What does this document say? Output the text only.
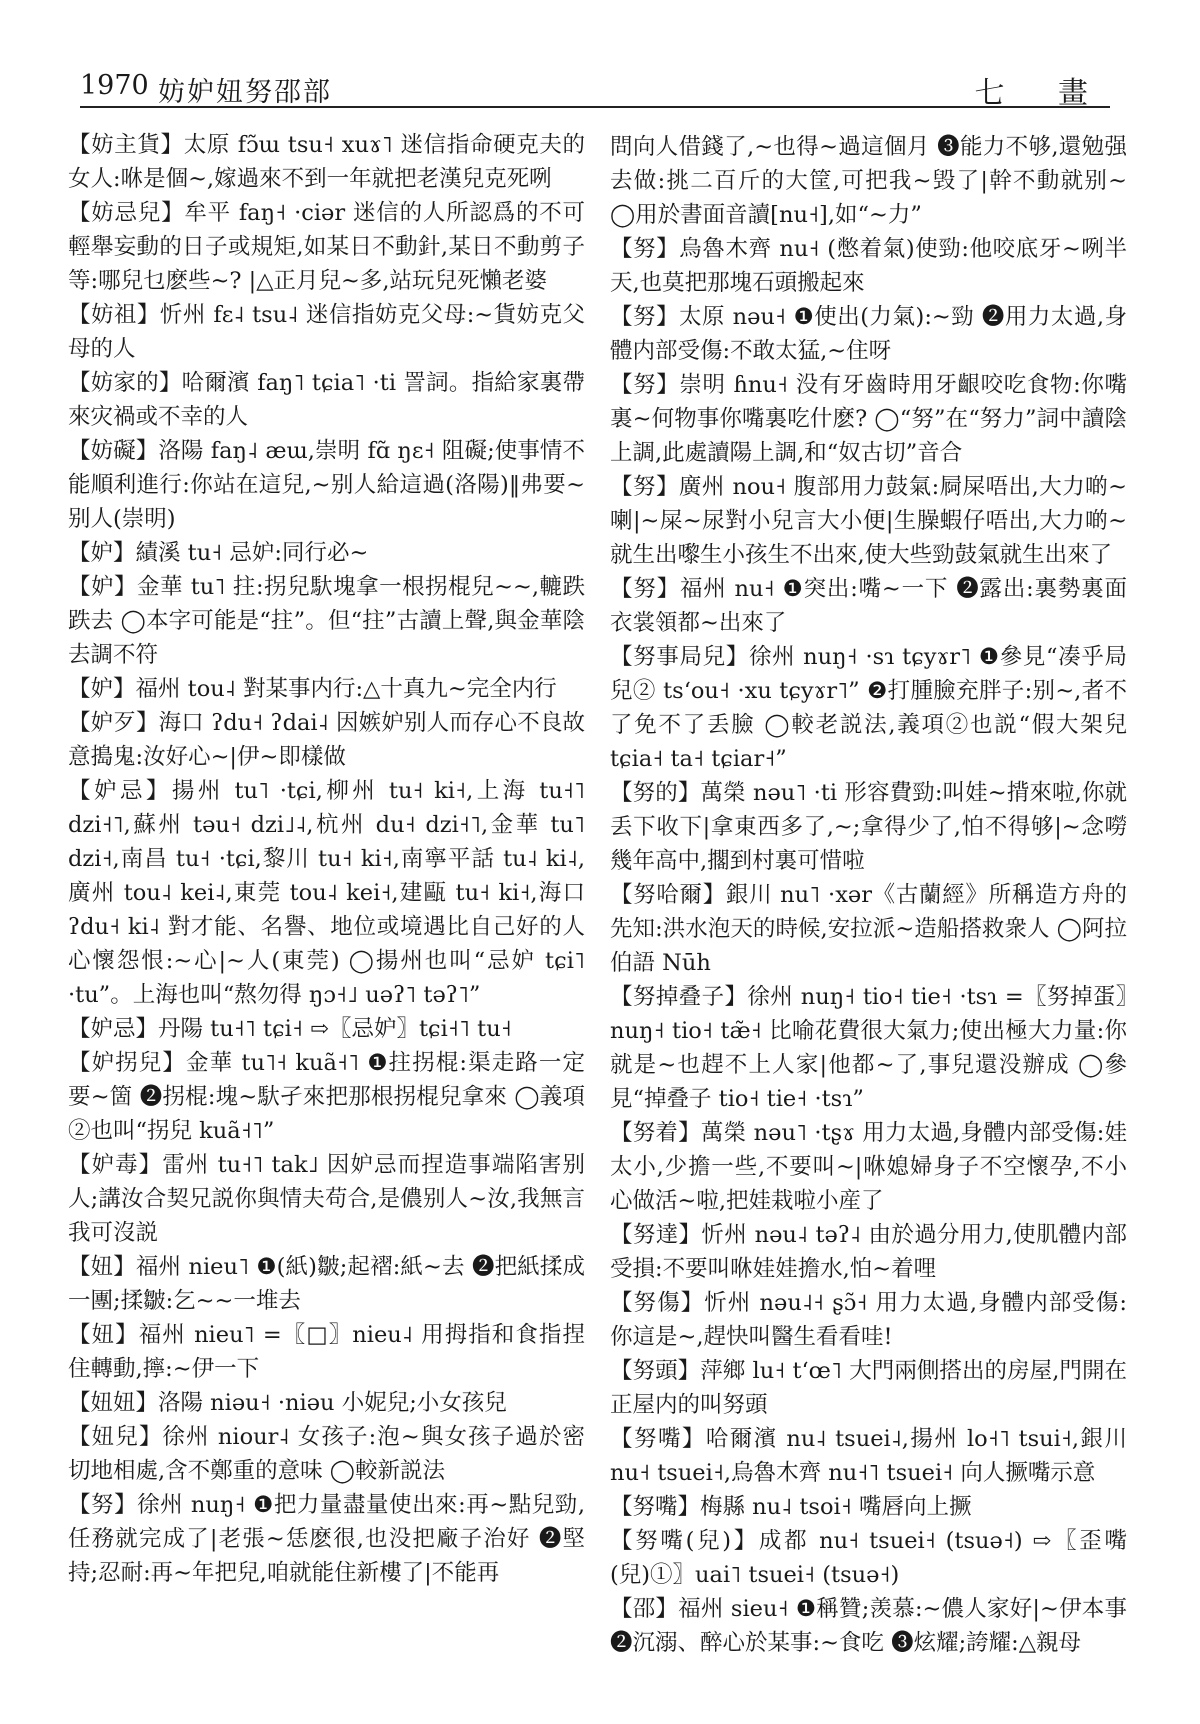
1970 妨妒妞努邵部	七 畫

【妨主貨】太原 fɔ̃ɯ tsu˧ xuɤ˥ 迷信指命硬克夫的女人:咻是個~,嫁過來不到一年就把老漢兒克死咧

【妨忌兒】牟平 faŋ˧ ·ciər 迷信的人所認爲的不可輕舉妄動的日子或規矩,如某日不動針,某日不動剪子等:哪兒乜麽些~? |△正月兒~多,站玩兒死懶老婆

【妨祖】忻州 fɛ˨ tsu˨ 迷信指妨克父母:~貨妨克父母的人

【妨家的】哈爾濱 faŋ˥ tɕia˥ ·ti 詈詞。指給家裏帶來灾禍或不幸的人

【妨礙】洛陽 faŋ˨ æɯ,崇明 fɑ̃ ŋɛ˧ 阻礙;使事情不能順利進行:你站在這兒,~别人給這過(洛陽)‖弗要~别人(崇明)

【妒】績溪 tu˧ 忌妒:同行必~

【妒】金華 tu˥ 拄:拐兒馱塊拿一根拐棍兒~~,轆跌跌去 ◯本字可能是“拄”。但“拄”古讀上聲,與金華陰去調不符

【妒】福州 tou˨ 對某事内行:△十真九~完全内行

【妒歹】海口 ʔdu˧ ʔdai˨ 因嫉妒别人而存心不良故意搗鬼:汝好心~|伊~即樣做

【妒忌】揚州 tu˥ ·tɕi,柳州 tu˧ ki˧,上海 tu˧˥ dzi˧˥,蘇州 təu˧ dzi˩˨,杭州 du˧ dzi˧˥,金華 tu˥ dzi˧,南昌 tu˧ ·tɕi,黎川 tu˧ ki˧,南寧平話 tu˨ ki˨,廣州 tou˨ kei˨,東莞 tou˨ kei˧,建甌 tu˧ ki˧,海口 ʔdu˧ ki˨ 對才能、名譽、地位或境遇比自己好的人心懷怨恨:~心|~人(東莞) ◯揚州也叫“忌妒 tɕi˥ ·tu”。上海也叫“熬勿得 ŋɔ˧˩ uəʔ˥ təʔ˥”

【妒忌】丹陽 tu˧˥ tɕi˧ ⇨〖忌妒〗tɕi˧˥ tu˧

【妒拐兒】金華 tu˥˧ kuã˧˥ ❶拄拐棍:渠走路一定要~箇 ❷拐棍:塊~馱孑來把那根拐棍兒拿來 ◯義項②也叫“拐兒 kuã˧˥”

【妒毒】雷州 tu˧˥ tak˩ 因妒忌而捏造事端陷害别人;講汝合契兄説你與情夫苟合,是儂别人~汝,我無言我可沒説

【妞】福州 nieu˥ ❶(紙)皺;起褶:紙~去 ❷把紙揉成一團;揉皺:乞~~一堆去

【妞】福州 nieu˥ =〖□〗nieu˨ 用拇指和食指捏住轉動,擰:~伊一下

【妞妞】洛陽 niəu˧ ·niəu 小妮兒;小女孩兒

【妞兒】徐州 niour˨ 女孩子:泡~與女孩子過於密切地相處,含不鄭重的意味 ◯較新説法

【努】徐州 nuŋ˧ ❶把力量盡量使出來:再~點兒勁,任務就完成了|老張~恁麽很,也没把廠子治好 ❷堅持;忍耐:再~年把兒,咱就能住新樓了|不能再

問向人借錢了,~也得~過這個月 ❸能力不够,還勉强去做:挑二百斤的大筐,可把我~毁了|幹不動就别~ ◯用於書面音讀[nu˧],如“~力”

【努】烏魯木齊 nu˧ (憋着氣)使勁:他咬底牙~咧半天,也莫把那塊石頭搬起來

【努】太原 nəu˧ ❶使出(力氣):~勁 ❷用力太過,身體内部受傷:不敢太猛,~住呀

【努】崇明 ɦnu˧ 没有牙齒時用牙齦咬吃食物:你嘴裏~何物事你嘴裏吃什麽? ◯“努”在“努力”詞中讀陰上調,此處讀陽上調,和“奴古切”音合

【努】廣州 nou˧ 腹部用力鼓氣:屙屎唔出,大力啲~喇|~屎~尿對小兒言大小便|生臊蝦仔唔出,大力啲~就生出嚟生小孩生不出來,使大些勁鼓氣就生出來了

【努】福州 nu˧ ❶突出:嘴~一下 ❷露出:裏勢裏面衣裳領都~出來了

【努事局兒】徐州 nuŋ˧ ·sɿ tɕyɤr˥ ❶參見“凑乎局兒② tsʻou˧ ·xu tɕyɤr˥” ❷打腫臉充胖子:别~,者不了免不了丢臉 ◯較老説法,義項②也説“假大架兒 tɕia˧ ta˧ tɕiar˧”

【努的】萬榮 nəu˥ ·ti 形容費勁:叫娃~揹來啦,你就丢下收下|拿東西多了,~;拿得少了,怕不得够|~念嘮幾年高中,擱到村裏可惜啦

【努哈爾】銀川 nu˥ ·xər《古蘭經》所稱造方舟的先知:洪水泡天的時候,安拉派~造船搭救衆人 ◯阿拉伯語 Nūh

【努掉叠子】徐州 nuŋ˧ tio˧ tie˧ ·tsɿ =〖努掉蛋〗nuŋ˧ tio˧ tæ̃˧ 比喻花費很大氣力;使出極大力量:你就是~也趕不上人家|他都~了,事兒還没辦成 ◯參見“掉叠子 tio˧ tie˧ ·tsɿ”

【努着】萬榮 nəu˥ ·tʂɤ 用力太過,身體内部受傷:娃太小,少擔一些,不要叫~|咻媳婦身子不空懷孕,不小心做活~啦,把娃栽啦小産了

【努達】忻州 nəu˨ təʔ˨ 由於過分用力,使肌體内部受損:不要叫咻娃娃擔水,怕~着哩

【努傷】忻州 nəu˨˧ ʂɔ̃˧ 用力太過,身體内部受傷:你這是~,趕快叫醫生看看哇!

【努頭】萍鄉 lu˧ tʻœ˥ 大門兩側搭出的房屋,門開在正屋内的叫努頭

【努嘴】哈爾濱 nu˨ tsuei˨,揚州 lo˧˥ tsui˧,銀川 nu˧ tsuei˧,烏魯木齊 nu˧˥ tsuei˧ 向人撅嘴示意

【努嘴】梅縣 nu˨ tsoi˧ 嘴唇向上撅

【努嘴(兒)】成都 nu˧ tsuei˧ (tsuə˧) ⇨〖歪嘴(兒)①〗uai˥ tsuei˧ (tsuə˧)

【邵】福州 sieu˧ ❶稱贊;羡慕:~儂人家好|~伊本事 ❷沉溺、醉心於某事:~食吃 ❸炫耀;誇耀:△親母
